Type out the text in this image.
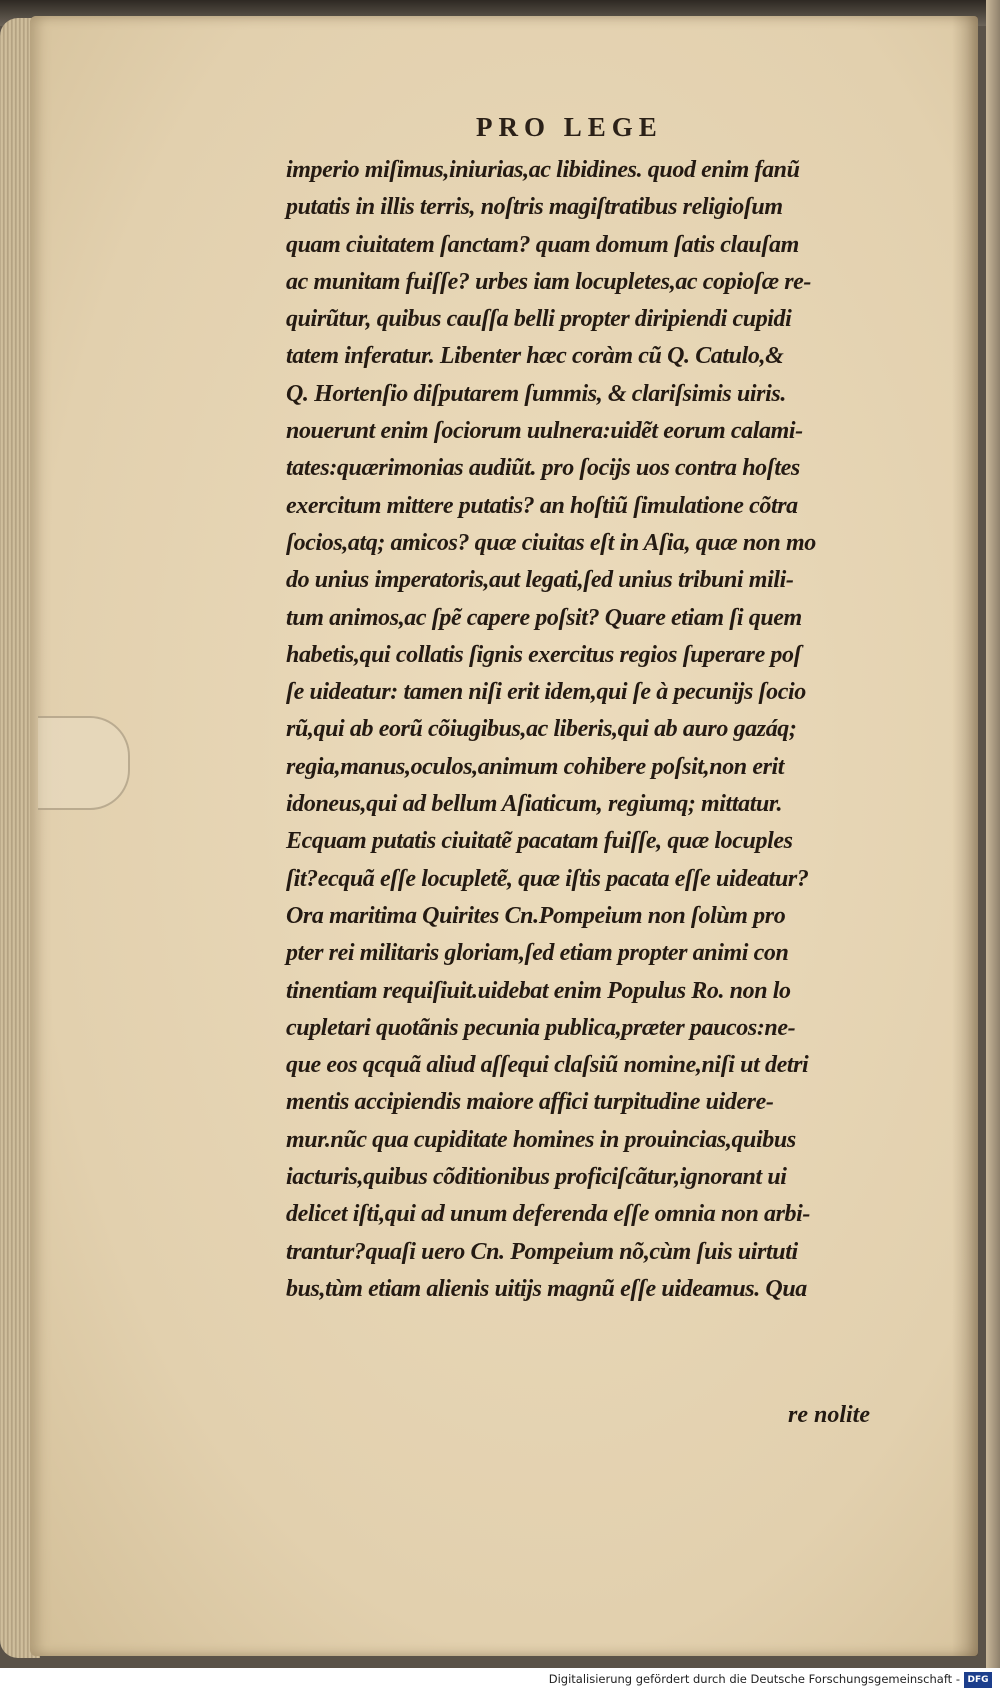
PRO LEGE
imperio miſimus,iniurias,ac libidines. quod enim fanũ
putatis in illis terris, noſtris magiſtratibus religioſum
quam ciuitatem ſanctam? quam domum ſatis clauſam
ac munitam fuiſſe? urbes iam locupletes,ac copioſæ re-
quirũtur, quibus cauſſa belli propter diripiendi cupidi
tatem inferatur. Libenter hæc coràm cũ Q. Catulo,&
Q. Hortenſio diſputarem ſummis, & clariſsimis uiris.
nouerunt enim ſociorum uulnera:uidẽt eorum calami-
tates:quærimonias audiũt. pro ſocijs uos contra hoſtes
exercitum mittere putatis? an hoſtiũ ſimulatione cõtra
ſocios,atq; amicos? quæ ciuitas eſt in Aſia, quæ non mo
do unius imperatoris,aut legati,ſed unius tribuni mili-
tum animos,ac ſpẽ capere poſsit? Quare etiam ſi quem
habetis,qui collatis ſignis exercitus regios ſuperare poſ
ſe uideatur: tamen niſi erit idem,qui ſe à pecunijs ſocio
rũ,qui ab eorũ cõiugibus,ac liberis,qui ab auro gazáq;
regia,manus,oculos,animum cohibere poſsit,non erit
idoneus,qui ad bellum Aſiaticum, regiumq; mittatur.
Ecquam putatis ciuitatẽ pacatam fuiſſe, quæ locuples
ſit?ecquã eſſe locupletẽ, quæ iſtis pacata eſſe uideatur?
Ora maritima Quirites Cn.Pompeium non ſolùm pro
pter rei militaris gloriam,ſed etiam propter animi con
tinentiam requiſiuit.uidebat enim Populus Ro. non lo
cupletari quotãnis pecunia publica,præter paucos:ne-
que eos qcquã aliud aſſequi claſsiũ nomine,niſi ut detri
mentis accipiendis maiore affici turpitudine uidere-
mur.nũc qua cupiditate homines in prouincias,quibus
iacturis,quibus cõditionibus proficiſcãtur,ignorant ui
delicet iſti,qui ad unum deferenda eſſe omnia non arbi-
trantur?quaſi uero Cn. Pompeium nõ,cùm ſuis uirtuti
bus,tùm etiam alienis uitijs magnũ eſſe uideamus. Qua
re nolite
Digitalisierung gefördert durch die Deutsche Forschungsgemeinschaft - DFG
